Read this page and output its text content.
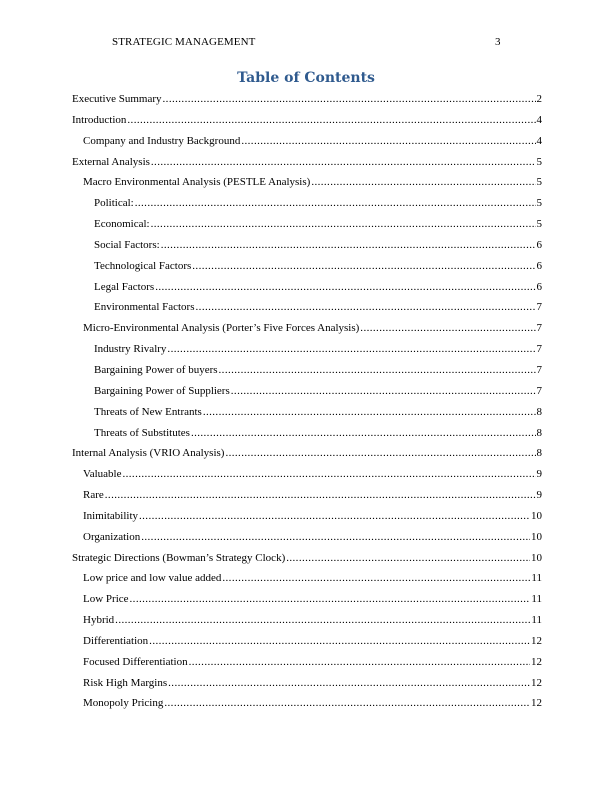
STRATEGIC MANAGEMENT	3
Table of Contents
Executive Summary .....	2
Introduction .....	4
Company and Industry Background .....	4
External Analysis .....	5
Macro Environmental Analysis (PESTLE Analysis) .....	5
Political: .....	5
Economical: .....	5
Social Factors: .....	6
Technological Factors .....	6
Legal Factors .....	6
Environmental Factors .....	7
Micro-Environmental Analysis (Porter’s Five Forces Analysis) .....	7
Industry Rivalry .....	7
Bargaining Power of buyers .....	7
Bargaining Power of Suppliers .....	7
Threats of New Entrants .....	8
Threats of Substitutes .....	8
Internal Analysis (VRIO Analysis) .....	8
Valuable .....	9
Rare .....	9
Inimitability .....	10
Organization .....	10
Strategic Directions (Bowman’s Strategy Clock) .....	10
Low price and low value added .....	11
Low Price .....	11
Hybrid .....	11
Differentiation .....	12
Focused Differentiation .....	12
Risk High Margins .....	12
Monopoly Pricing .....	12
